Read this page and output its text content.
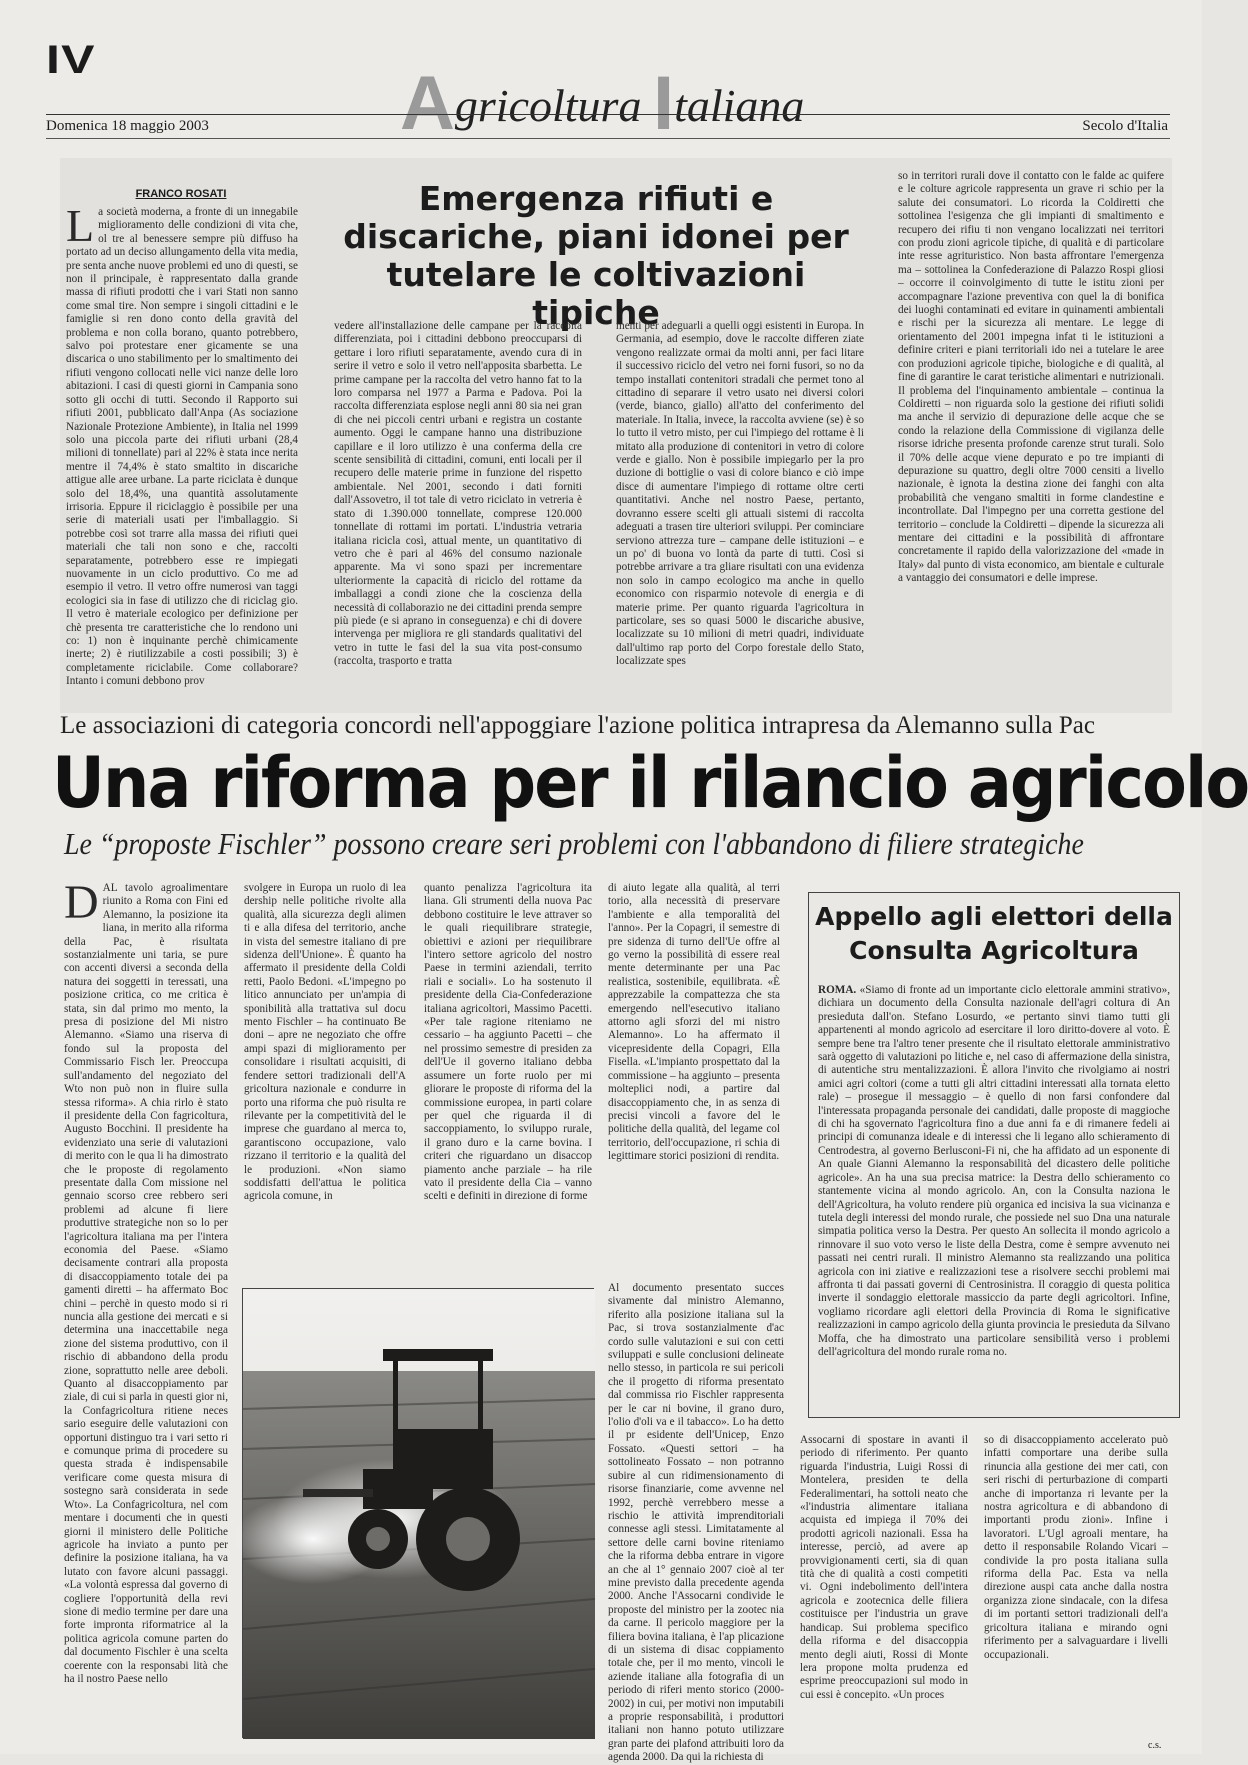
IV
Agricoltura Italiana
Domenica 18 maggio 2003	Secolo d'Italia
FRANCO ROSATI
La società moderna, a fronte di un innegabile miglioramento delle condizioni di vita che, ol tre al benessere sempre più diffuso ha portato ad un deciso allungamento della vita media, pre senta anche nuove problemi ed uno di questi, se non il principale, è rappresentato dalla grande massa di rifiuti prodotti che i vari Stati non sanno come smal tire. Non sempre i singoli cittadini e le famiglie si ren dono conto della gravità del problema e non colla borano, quanto potrebbero, salvo poi protestare ener gicamente se una discarica o uno stabilimento per lo smaltimento dei rifiuti vengono collocati nelle vici nanze delle loro abitazioni. I casi di questi giorni in Campania sono sotto gli occhi di tutti. Secondo il Rapporto sui rifiuti 2001, pubblicato dall'Anpa (As sociazione Nazionale Protezione Ambiente), in Italia nel 1999 solo una piccola parte dei rifiuti urbani (28,4 milioni di tonnellate) pari al 22% è stata ince nerita mentre il 74,4% è stato smaltito in discariche attigue alle aree urbane. La parte riciclata è dunque solo del 18,4%, una quantità assolutamente irrisoria. Eppure il riciclaggio è possibile per una serie di materiali usati per l'imballaggio. Si potrebbe così sot trarre alla massa dei rifiuti quei materiali che tali non sono e che, raccolti separatamente, potrebbero esse re impiegati nuovamente in un ciclo produttivo. Co me ad esempio il vetro. Il vetro offre numerosi van taggi ecologici sia in fase di utilizzo che di riciclag gio. Il vetro è materiale ecologico per definizione per chè presenta tre caratteristiche che lo rendono uni co: 1) non è inquinante perchè chimicamente inerte; 2) è riutilizzabile a costi possibili; 3) è completamente riciclabile. Come collaborare? Intanto i comuni debbono prov
Emergenza rifiuti e discariche, piani idonei per tutelare le coltivazioni tipiche
vedere all'installazione delle campane per la raccolta differenziata, poi i cittadini debbono preoccuparsi di gettare i loro rifiuti separatamente, avendo cura di in serire il vetro e solo il vetro nell'apposita sbarbetta. Le prime campane per la raccolta del vetro hanno fat to la loro comparsa nel 1977 a Parma e Padova. Poi la raccolta differenziata esplose negli anni 80 sia nei gran di che nei piccoli centri urbani e registra un costante aumento. Oggi le campane hanno una distribuzione capillare e il loro utilizzo è una conferma della cre scente sensibilità di cittadini, comuni, enti locali per il recupero delle materie prime in funzione del rispetto ambientale. Nel 2001, secondo i dati forniti dall'Assovetro, il tot tale di vetro riciclato in vetreria è stato di 1.390.000 tonnellate, comprese 120.000 tonnellate di rottami im portati. L'industria vetraria italiana ricicla così, attual mente, un quantitativo di vetro che è pari al 46% del consumo nazionale apparente. Ma vi sono spazi per incrementare ulteriormente la capacità di riciclo del rottame da imballaggi a condi zione che la coscienza della necessità di collaborazio ne dei cittadini prenda sempre più piede (e si aprano in conseguenza) e chi di dovere intervenga per migliora re gli standards qualitativi del vetro in tutte le fasi del la sua vita post-consumo (raccolta, trasporto e tratta
menti per adeguarli a quelli oggi esistenti in Europa. In Germania, ad esempio, dove le raccolte differen ziate vengono realizzate ormai da molti anni, per faci litare il successivo riciclo del vetro nei forni fusori, so no da tempo installati contenitori stradali che permet tono al cittadino di separare il vetro usato nei diversi colori (verde, bianco, giallo) all'atto del conferimento del materiale. In Italia, invece, la raccolta avviene (se) è so lo tutto il vetro misto, per cui l'impiego del rottame è li mitato alla produzione di contenitori in vetro di colore verde e giallo. Non è possibile impiegarlo per la pro duzione di bottiglie o vasi di colore bianco e ciò impe disce di aumentare l'impiego di rottame oltre certi quantitativi. Anche nel nostro Paese, pertanto, dovranno essere scelti gli attuali sistemi di raccolta adeguati a trasen tire ulteriori sviluppi. Per cominciare serviono attrezza ture – campane delle istituzioni – e un po' di buona vo lontà da parte di tutti. Così si potrebbe arrivare a tra gliare risultati con una evidenza non solo in campo ecologico ma anche in quello economico con risparmio notevole di energia e di materie prime. Per quanto riguarda l'agricoltura in particolare, ses so quasi 5000 le discariche abusive, localizzate su 10 milioni di metri quadri, individuate dall'ultimo rap porto del Corpo forestale dello Stato, localizzate spes
so in territori rurali dove il contatto con le falde ac quifere e le colture agricole rappresenta un grave ri schio per la salute dei consumatori. Lo ricorda la Coldiretti che sottolinea l'esigenza che gli impianti di smaltimento e recupero dei rifiu ti non vengano localizzati nei territori con produ zioni agricole tipiche, di qualità e di particolare inte resse agrituristico. Non basta affrontare l'emergenza ma – sottolinea la Confederazione di Palazzo Rospi gliosi – occorre il coinvolgimento di tutte le istitu zioni per accompagnare l'azione preventiva con quel la di bonifica dei luoghi contaminati ed evitare in quinamenti ambientali e rischi per la sicurezza ali mentare. Le legge di orientamento del 2001 impegna infat ti le istituzioni a definire criteri e piani territoriali ido nei a tutelare le aree con produzioni agricole tipiche, biologiche e di qualità, al fine di garantire le carat teristiche alimentari e nutrizionali. Il problema del l'inquinamento ambientale – continua la Coldiretti – non riguarda solo la gestione dei rifiuti solidi ma anche il servizio di depurazione delle acque che se condo la relazione della Commissione di vigilanza delle risorse idriche presenta profonde carenze strut turali. Solo il 70% delle acque viene depurato e po tre impianti di depurazione su quattro, degli oltre 7000 censiti a livello nazionale, è ignota la destina zione dei fanghi con alta probabilità che vengano smaltiti in forme clandestine e incontrollate. Dal l'impegno per una corretta gestione del territorio – conclude la Coldiretti – dipende la sicurezza ali mentare dei cittadini e la possibilità di affrontare concretamente il rapido della valorizzazione del «made in Italy» dal punto di vista economico, am bientale e culturale a vantaggio dei consumatori e delle imprese.
Le associazioni di categoria concordi nell'appoggiare l'azione politica intrapresa da Alemanno sulla Pac
Una riforma per il rilancio agricolo
Le “proposte Fischler” possono creare seri problemi con l'abbandono di filiere strategiche
DAL tavolo agroalimentare riunito a Roma con Fini ed Alemanno, la posizione ita liana, in merito alla riforma della Pac, è risultata sostanzialmente uni taria, se pure con accenti diversi a seconda della natura dei soggetti in teressati, una posizione critica, co me critica è stata, sin dal primo mo mento, la presa di posizione del Mi nistro Alemanno. «Siamo una riserva di fondo sul la proposta del Commissario Fisch ler. Preoccupa sull'andamento del negoziato del Wto non può non in fluire sulla stessa riforma». A chia rirlo è stato il presidente della Con fagricoltura, Augusto Bocchini. Il presidente ha evidenziato una serie di valutazioni di merito con le qua li ha dimostrato che le proposte di regolamento presentate dalla Com missione nel gennaio scorso cree rebbero seri problemi ad alcune fi liere produttive strategiche non so lo per l'agricoltura italiana ma per l'intera economia del Paese. «Siamo decisamente contrari alla proposta di disaccoppiamento totale dei pa gamenti diretti – ha affermato Boc chini – perchè in questo modo si ri nuncia alla gestione dei mercati e si determina una inaccettabile nega zione del sistema produttivo, con il rischio di abbandono della produ zione, soprattutto nelle aree deboli. Quanto al disaccoppiamento par ziale, di cui si parla in questi gior ni, la Confagricoltura ritiene neces sario eseguire delle valutazioni con opportuni distinguo tra i vari setto ri e comunque prima di procedere su questa strada è indispensabile verificare come questa misura di sostegno sarà considerata in sede Wto». La Confagricoltura, nel com mentare i documenti che in questi giorni il ministero delle Politiche agricole ha inviato a punto per definire la posizione italiana, ha va lutato con favore alcuni passaggi. «La volontà espressa dal governo di cogliere l'opportunità della revi sione di medio termine per dare una forte impronta riformatrice al la politica agricola comune parten do dal documento Fischler è una scelta coerente con la responsabi lità che ha il nostro Paese nello
svolgere in Europa un ruolo di lea dership nelle politiche rivolte alla qualità, alla sicurezza degli alimen ti e alla difesa del territorio, anche in vista del semestre italiano di pre sidenza dell'Unione». È quanto ha affermato il presidente della Coldi retti, Paolo Bedoni. «L'impegno po litico annunciato per un'ampia di sponibilità alla trattativa sul docu mento Fischler – ha continuato Be doni – apre ne negoziato che offre ampi spazi di miglioramento per consolidare i risultati acquisiti, di fendere settori tradizionali dell'A gricoltura nazionale e condurre in porto una riforma che può risulta re rilevante per la competitività del le imprese che guardano al merca to, garantiscono occupazione, valo rizzano il territorio e la qualità del le produzioni. «Non siamo soddisfatti dell'attua le politica agricola comune, in
quanto penalizza l'agricoltura ita liana. Gli strumenti della nuova Pac debbono costituire le leve attraver so le quali riequilibrare strategie, obiettivi e azioni per riequilibrare l'intero settore agricolo del nostro Paese in termini aziendali, territo riali e sociali». Lo ha sostenuto il presidente della Cia-Confederazione italiana agricoltori, Massimo Pacetti. «Per tale ragione riteniamo ne cessario – ha aggiunto Pacetti – che nel prossimo semestre di presiden za dell'Ue il governo italiano debba assumere un forte ruolo per mi gliorare le proposte di riforma del la commissione europea, in parti colare per quel che riguarda il di saccoppiamento, lo sviluppo rurale, il grano duro e la carne bovina. I criteri che riguardano un disaccop piamento anche parziale – ha rile vato il presidente della Cia – vanno scelti e definiti in direzione di forme
di aiuto legate alla qualità, al terri torio, alla necessità di preservare l'ambiente e alla temporalità del l'anno». Per la Copagri, il semestre di pre sidenza di turno dell'Ue offre al go verno la possibilità di essere real mente determinante per una Pac realistica, sostenibile, equilibrata. «È apprezzabile la compattezza che sta emergendo nell'esecutivo italiano attorno agli sforzi del mi nistro Alemanno». Lo ha affermato il vicepresidente della Copagri, Ella Fisella. «L'impianto prospettato dal la commissione – ha aggiunto – presenta molteplici nodi, a partire dal disaccoppiamento che, in as senza di precisi vincoli a favore del le politiche della qualità, del legame col territorio, dell'occupazione, ri schia di legittimare storici posizioni di rendita.
Al documento presentato succes sivamente dal ministro Alemanno, riferito alla posizione italiana sul la Pac, si trova sostanzialmente d'ac cordo sulle valutazioni e sui con cetti sviluppati e sulle conclusioni delineate nello stesso, in particola re sui pericoli che il progetto di riforma presentato dal commissa rio Fischler rappresenta per le car ni bovine, il grano duro, l'olio d'oli va e il tabacco». Lo ha detto il pr esidente dell'Unicep, Enzo Fossato. «Questi settori – ha sottolineato Fossato – non potranno subire al cun ridimensionamento di risorse finanziarie, come avvenne nel 1992, perchè verrebbero messe a rischio le attività imprenditoriali connesse agli stessi. Limitatamente al settore delle carni bovine riteniamo che la riforma debba entrare in vigore an che al 1° gennaio 2007 cioè al ter mine previsto dalla precedente agenda 2000. Anche l'Assocarni condivide le proposte del ministro per la zootec nia da carne. Il pericolo maggiore per la filiera bovina italiana, è l'ap plicazione di un sistema di disac coppiamento totale che, per il mo mento, vincoli le aziende italiane alla fotografia di un periodo di riferi mento storico (2000-2002) in cui, per motivi non imputabili a proprie responsabilità, i produttori italiani non hanno potuto utilizzare gran parte dei plafond attribuiti loro da agenda 2000. Da qui la richiesta di
Appello agli elettori della Consulta Agricoltura
ROMA. «Siamo di fronte ad un importante ciclo elettorale ammini strativo», dichiara un documento della Consulta nazionale dell'agri coltura di An presieduta dall'on. Stefano Losurdo, «e pertanto sinvi tiamo tutti gli appartenenti al mondo agricolo ad esercitare il loro diritto-dovere al voto. È sempre bene tra l'altro tener presente che il risultato elettorale amministrativo sarà oggetto di valutazioni po litiche e, nel caso di affermazione della sinistra, di autentiche stru mentalizzazioni. È allora l'invito che rivolgiamo ai nostri amici agri coltori (come a tutti gli altri cittadini interessati alla tornata eletto rale) – prosegue il messaggio – è quello di non farsi confondere dal l'interessata propaganda personale dei candidati, dalle proposte di maggioche di chi ha sgovernato l'agricoltura fino a due anni fa e di rimanere fedeli ai principi di comunanza ideale e di interessi che li legano allo schieramento di Centrodestra, al governo Berlusconi-Fi ni, che ha affidato ad un esponente di An quale Gianni Alemanno la responsabilità del dicastero delle politiche agricole». An ha una sua precisa matrice: la Destra dello schieramento co stantemente vicina al mondo agricolo. An, con la Consulta naziona le dell'Agricoltura, ha voluto rendere più organica ed incisiva la sua vicinanza e tutela degli interessi del mondo rurale, che possiede nel suo Dna una naturale simpatia politica verso la Destra. Per questo An sollecita il mondo agricolo a rinnovare il suo voto verso le liste della Destra, come è sempre avvenuto nei passati nei centri rurali. Il ministro Alemanno sta realizzando una politica agricola con ini ziative e realizzazioni tese a risolvere secchi problemi mai affronta ti dai passati governi di Centrosinistra. Il coraggio di questa politica inverte il sondaggio elettorale massiccio da parte degli agricoltori. Infine, vogliamo ricordare agli elettori della Provincia di Roma le significative realizzazioni in campo agricolo della giunta provincia le presieduta da Silvano Moffa, che ha dimostrato una particolare sensibilità verso i problemi dell'agricoltura del mondo rurale roma no.
Assocarni di spostare in avanti il periodo di riferimento. Per quanto riguarda l'industria, Luigi Rossi di Montelera, presiden te della Federalimentari, ha sottoli neato che «l'industria alimentare italiana acquista ed impiega il 70% dei prodotti agricoli nazionali. Essa ha interesse, perciò, ad avere ap provvigionamenti certi, sia di quan tità che di qualità a costi competiti vi. Ogni indebolimento dell'intera agricola e zootecnica delle filiera costituisce per l'industria un grave handicap. Sui problema specifico della riforma e del disaccoppia mento degli aiuti, Rossi di Monte lera propone molta prudenza ed esprime preoccupazioni sul modo in cui essi è concepito. «Un proces
so di disaccoppiamento accelerato può infatti comportare una deribe sulla rinuncia alla gestione dei mer cati, con seri rischi di perturbazione di comparti anche di importanza ri levante per la nostra agricoltura e di abbandono di importanti produ zioni». Infine i lavoratori. L'Ugl agroali mentare, ha detto il responsabile Rolando Vicari – condivide la pro posta italiana sulla riforma della Pac. Esta va nella direzione auspi cata anche dalla nostra organizza zione sindacale, con la difesa di im portanti settori tradizionali dell'a gricoltura italiana e mirando ogni riferimento per a salvaguardare i livelli occupazionali.
c.s.
